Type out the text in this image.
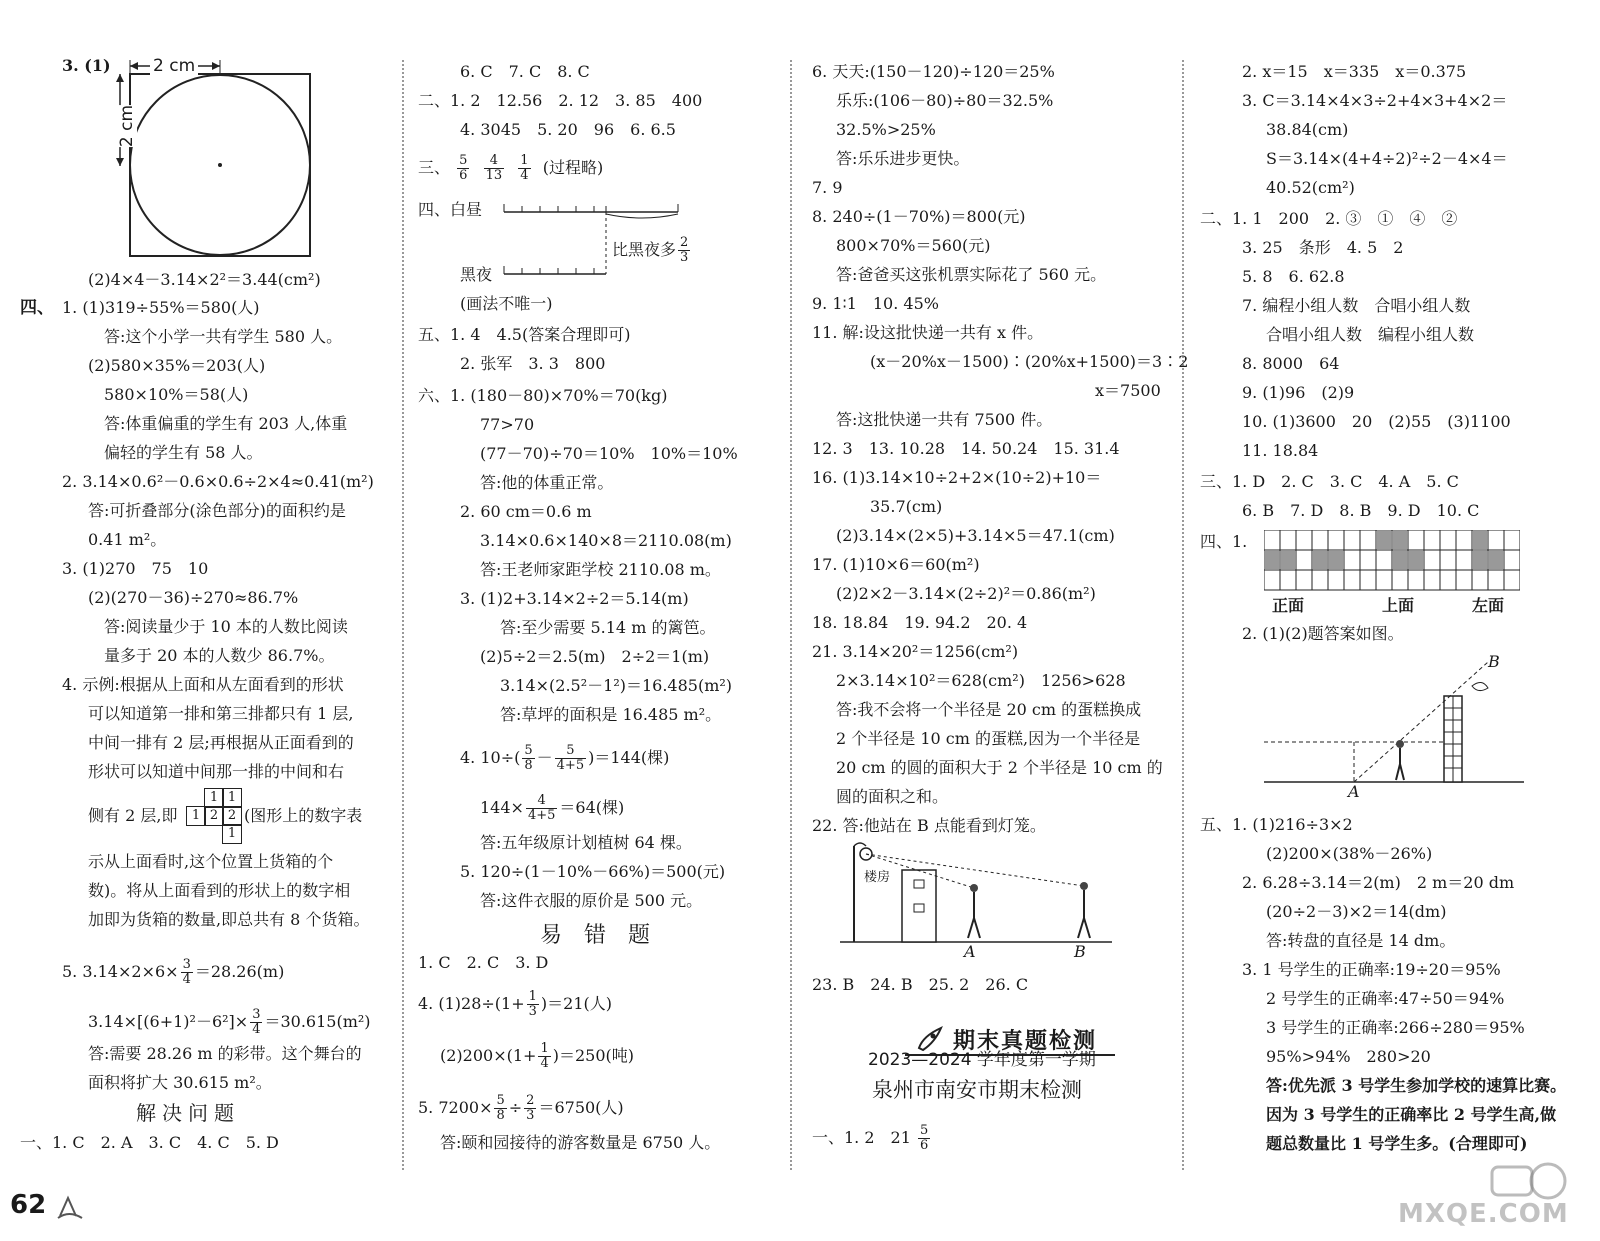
3. (1) 2 cm
2 cm
(2)4×4－3.14×2²＝3.44(cm²)
四、 1. (1)319÷55%＝580(人)
答:这个小学一共有学生 580 人。
(2)580×35%＝203(人)
580×10%＝58(人)
答:体重偏重的学生有 203 人,体重
偏轻的学生有 58 人。
2. 3.14×0.6²－0.6×0.6÷2×4≈0.41(m²)
答:可折叠部分(涂色部分)的面积约是
0.41 m²。
3. (1)270　75　10
(2)(270－36)÷270≈86.7%
答:阅读量少于 10 本的人数比阅读
量多于 20 本的人数少 86.7%。
4. 示例:根据从上面和从左面看到的形状
可以知道第一排和第三排都只有 1 层,
中间一排有 2 层;再根据从正面看到的
形状可以知道中间那一排的中间和右
侧有 2 层,即
1 1
1 2 2
1
(图形上的数字表
示从上面看时,这个位置上货箱的个
数)。将从上面看到的形状上的数字相
加即为货箱的数量,即总共有 8 个货箱。
5. $3.14\times 2\times 6\times \frac{3}{4} =28.26(m)$
$3.14\times[(6+1)^2-6^2]\times \frac{3}{4} =30.615(m^2)$
答:需要 28.26 m 的彩带。这个舞台的
面积将扩大 30.615 m²。
解决问题
一、1. C　2. A　3. C　4. C　5. D
6. C　7. C　8. C
二、1. 2　12.56　2. 12　3. 85　400
4. 3045　5. 20　96　6. 6.5
三、 $\frac{5}{6}$
$\frac{4}{13}$
$\frac{1}{4}$ (过程略)
四、白昼
比黑夜多 $\frac{2}{3}$
黑夜
(画法不唯一)
五、1. 4　4.5(答案合理即可)
2. 张军　3. 3　800
六、1. (180－80)×70%＝70(kg)
77>70
(77－70)÷70＝10%　10%＝10%
答:他的体重正常。
2. 60 cm＝0.6 m
3.14×0.6×140×8＝2110.08(m)
答:王老师家距学校 2110.08 m。
3. (1)2+3.14×2÷2＝5.14(m)
答:至少需要 5.14 m 的篱笆。
(2)5÷2＝2.5(m)　2÷2＝1(m)
3.14×(2.5²－1²)＝16.485(m²)
答:草坪的面积是 16.485 m²。
4. $10\div( \frac{5}{8} - \frac{5}{4+5} )=144$(棵)
$144\times \frac{4}{4+5} =64$(棵)
答:五年级原计划植树 64 棵。
5. 120÷(1－10%－66%)＝500(元)
答:这件衣服的原价是 500 元。
易错题
1. C　2. C　3. D
4. $(1)28\div(1+ \frac{1}{3} )=21$(人)
$(2)200\times(1+ \frac{1}{4} )=250$(吨)
5. $7200\times \frac{5}{8} \div \frac{2}{3} =6750$(人)
答:颐和园接待的游客数量是 6750 人。
6. 天天:(150－120)÷120＝25%
乐乐:(106－80)÷80＝32.5%
32.5%>25%
答:乐乐进步更快。
7. 9
8. 240÷(1－70%)＝800(元)
800×70%＝560(元)
答:爸爸买这张机票实际花了 560 元。
9. 1∶1　10. 45%
11. 解:设这批快递一共有 x 件。
(x－20%x－1500)∶(20%x+1500)＝3∶2
x＝7500
答:这批快递一共有 7500 件。
12. 3　13. 10.28　14. 50.24　15. 31.4
16. (1)3.14×10÷2+2×(10÷2)+10＝
35.7(cm)
(2)3.14×(2×5)+3.14×5＝47.1(cm)
17. (1)10×6＝60(m²)
(2)2×2－3.14×(2÷2)²＝0.86(m²)
18. 18.84　19. 94.2　20. 4
21. 3.14×20²＝1256(cm²)
2×3.14×10²＝628(cm²)　1256>628
答:我不会将一个半径是 20 cm 的蛋糕换成
2 个半径是 10 cm 的蛋糕,因为一个半径是
20 cm 的圆的面积大于 2 个半径是 10 cm 的
圆的面积之和。
22. 答:他站在 B 点能看到灯笼。
楼房
A	B
23. B　24. B　25. 2　26. C
期末真题检测
2023—2024 学年度第一学期
泉州市南安市期末检测
一、1. 2　$21 \frac{5}{6}$
2. x＝15　x＝335　x＝0.375
3. C＝3.14×4×3÷2+4×3+4×2＝
38.84(cm)
S＝3.14×(4+4÷2)²÷2－4×4＝
40.52(cm²)
二、1. 1　200　2. ③　①　④　②
3. 25　条形　4. 5　2
5. 8　6. 62.8
7. 编程小组人数　合唱小组人数
合唱小组人数　编程小组人数
8. 8000　64
9. (1)96　(2)9
10. (1)3600　20　(2)55　(3)1100
11. 18.84
三、1. D　2. C　3. C　4. A　5. C
6. B　7. D　8. B　9. D　10. C
四、1.
正面	上面	左面
2. (1)(2)题答案如图。
B
A
五、1. (1)216÷3×2
(2)200×(38%－26%)
2. 6.28÷3.14＝2(m)　2 m＝20 dm
(20÷2－3)×2＝14(dm)
答:转盘的直径是 14 dm。
3. 1 号学生的正确率:19÷20＝95%
2 号学生的正确率:47÷50＝94%
3 号学生的正确率:266÷280＝95%
95%>94%　280>20
答:优先派 3 号学生参加学校的速算比赛。
因为 3 号学生的正确率比 2 号学生高,做
题总数量比 1 号学生多。(合理即可)
62	MXQE.COM
